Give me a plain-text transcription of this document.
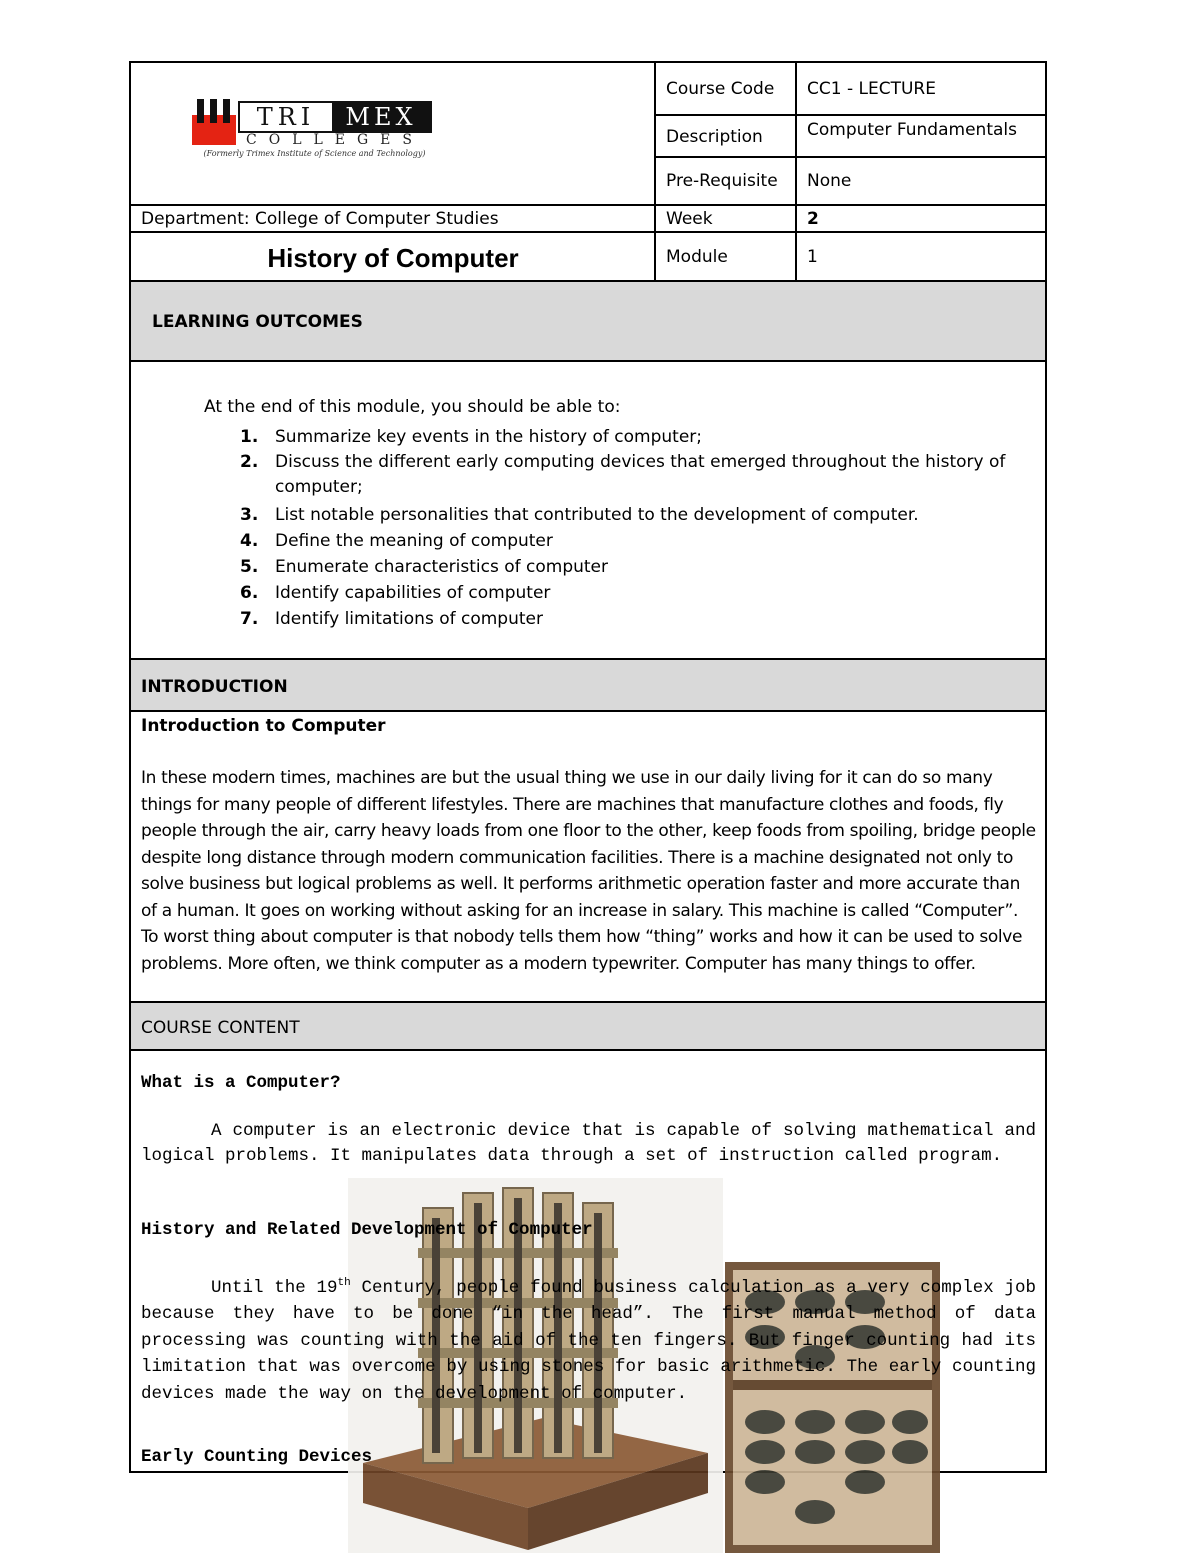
TRI	MEX
COLLEGES
(Formerly Trimex Institute of Science and Technology)
Course Code CC1 - LECTURE
Description	Computer Fundamentals
Pre-Requisite None
Department: College of Computer Studies	Week	2
History of Computer	Module	1
LEARNING OUTCOMES
At the end of this module, you should be able to:
1. Summarize key events in the history of computer;
2. Discuss the different early computing devices that emerged throughout the history of computer;
3. List notable personalities that contributed to the development of computer.
4. Define the meaning of computer
5. Enumerate characteristics of computer
6. Identify capabilities of computer
7. Identify limitations of computer
INTRODUCTION
Introduction to Computer
In these modern times, machines are but the usual thing we use in our daily living for it can do so many things for many people of different lifestyles. There are machines that manufacture clothes and foods, fly people through the air, carry heavy loads from one floor to the other, keep foods from spoiling, bridge people despite long distance through modern communication facilities. There is a machine designated not only to solve business but logical problems as well. It performs arithmetic operation faster and more accurate than of a human. It goes on working without asking for an increase in salary. This machine is called “Computer”. To worst thing about computer is that nobody tells them how “thing” works and how it can be used to solve problems. More often, we think computer as a modern typewriter. Computer has many things to offer.
COURSE CONTENT
What is a Computer?
A computer is an electronic device that is capable of solving mathematical and logical problems. It manipulates data through a set of instruction called program.
History and Related Development of Computer
Until the 19th Century, people found business calculation as a very complex job because they have to be done “in the head”. The first manual method of data processing was counting with the aid of the ten fingers. But finger counting had its limitation that was overcome by using stones for basic arithmetic. The early counting devices made the way on the development of computer.
Early Counting Devices
